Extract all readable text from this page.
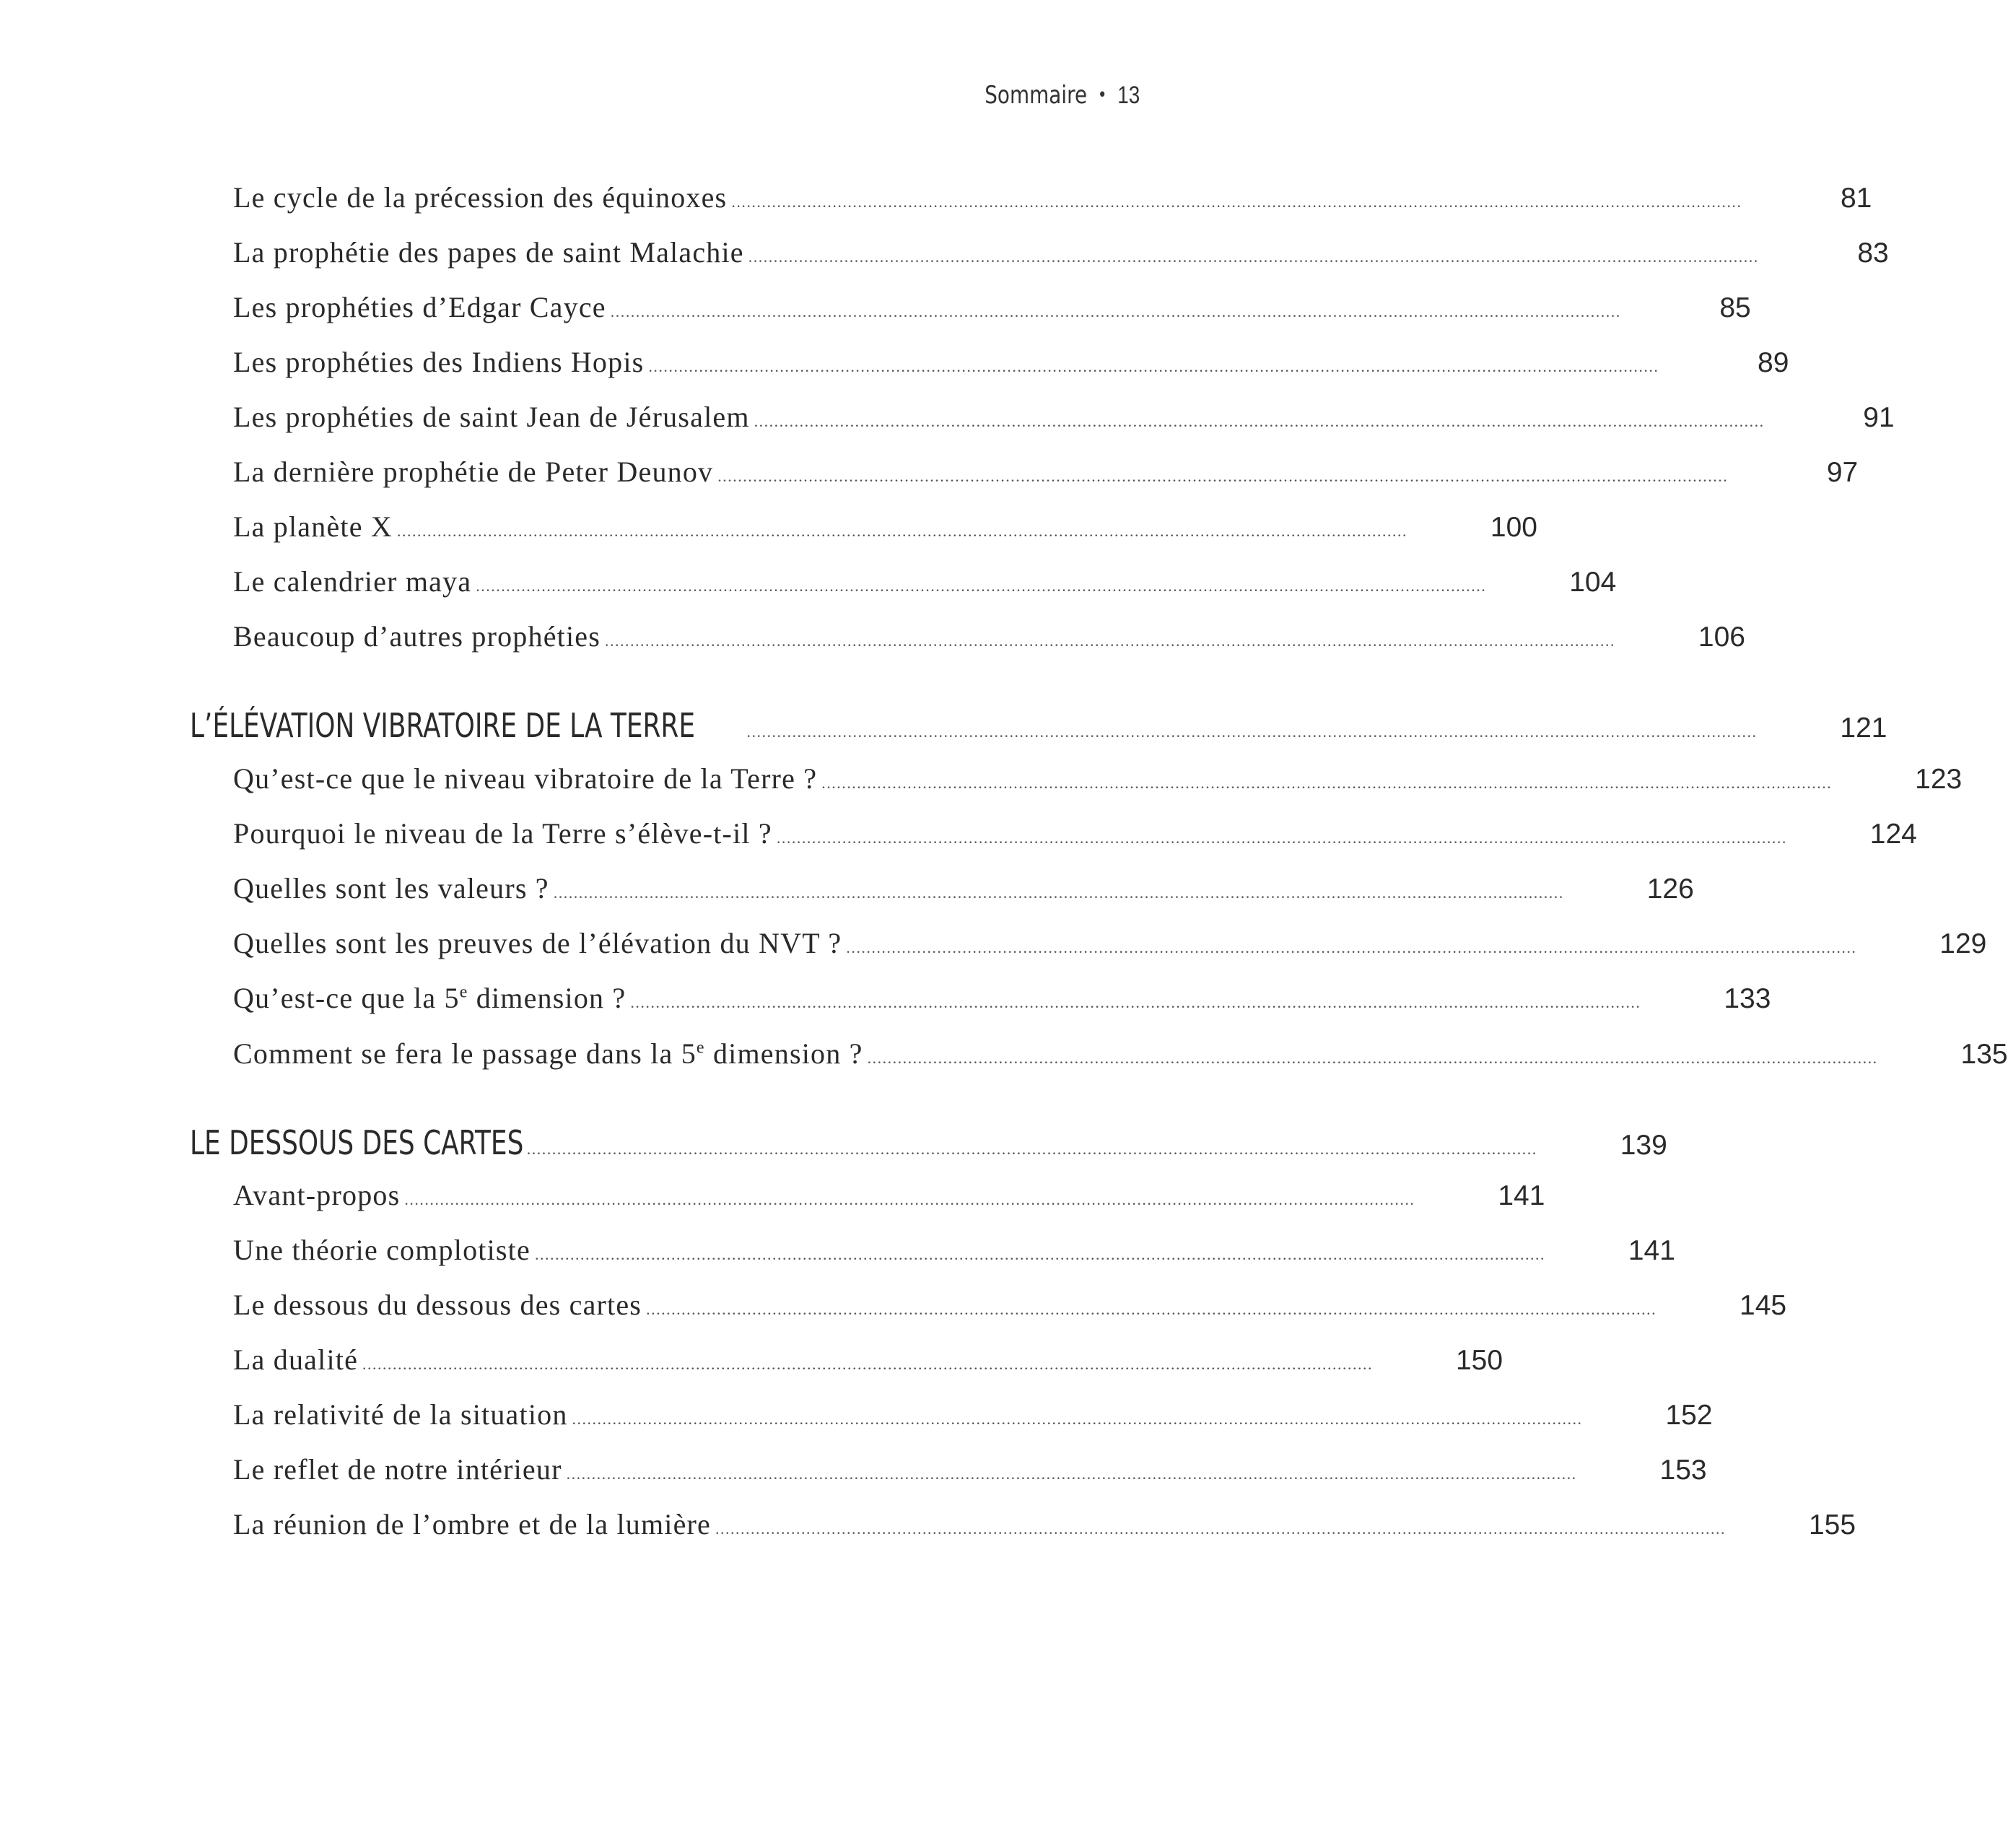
Sommaire • 13
Le cycle de la précession des équinoxes ........................................................................................................................................................................................................	81
La prophétie des papes de saint Malachie ........................................................................................................................................................................................................	83
Les prophéties d’Edgar Cayce ........................................................................................................................................................................................................	85
Les prophéties des Indiens Hopis ........................................................................................................................................................................................................	89
Les prophéties de saint Jean de Jérusalem ........................................................................................................................................................................................................	91
La dernière prophétie de Peter Deunov ........................................................................................................................................................................................................	97
La planète X ........................................................................................................................................................................................................	100
Le calendrier maya ........................................................................................................................................................................................................	104
Beaucoup d’autres prophéties ........................................................................................................................................................................................................	106
L’ÉLÉVATION VIBRATOIRE DE LA TERRE	........................................................................................................................................................................................................	121
Qu’est-ce que le niveau vibratoire de la Terre ? ........................................................................................................................................................................................................	123
Pourquoi le niveau de la Terre s’élève-t-il ? ........................................................................................................................................................................................................	124
Quelles sont les valeurs ? ........................................................................................................................................................................................................	126
Quelles sont les preuves de l’élévation du NVT ? ........................................................................................................................................................................................................	129
Qu’est-ce que la 5e dimension ? ........................................................................................................................................................................................................	133
Comment se fera le passage dans la 5e dimension ? ........................................................................................................................................................................................................	135
LE DESSOUS DES CARTES ........................................................................................................................................................................................................	139
Avant-propos ........................................................................................................................................................................................................	141
Une théorie complotiste ........................................................................................................................................................................................................	141
Le dessous du dessous des cartes ........................................................................................................................................................................................................	145
La dualité ........................................................................................................................................................................................................	150
La relativité de la situation ........................................................................................................................................................................................................	152
Le reflet de notre intérieur ........................................................................................................................................................................................................	153
La réunion de l’ombre et de la lumière ........................................................................................................................................................................................................	155
